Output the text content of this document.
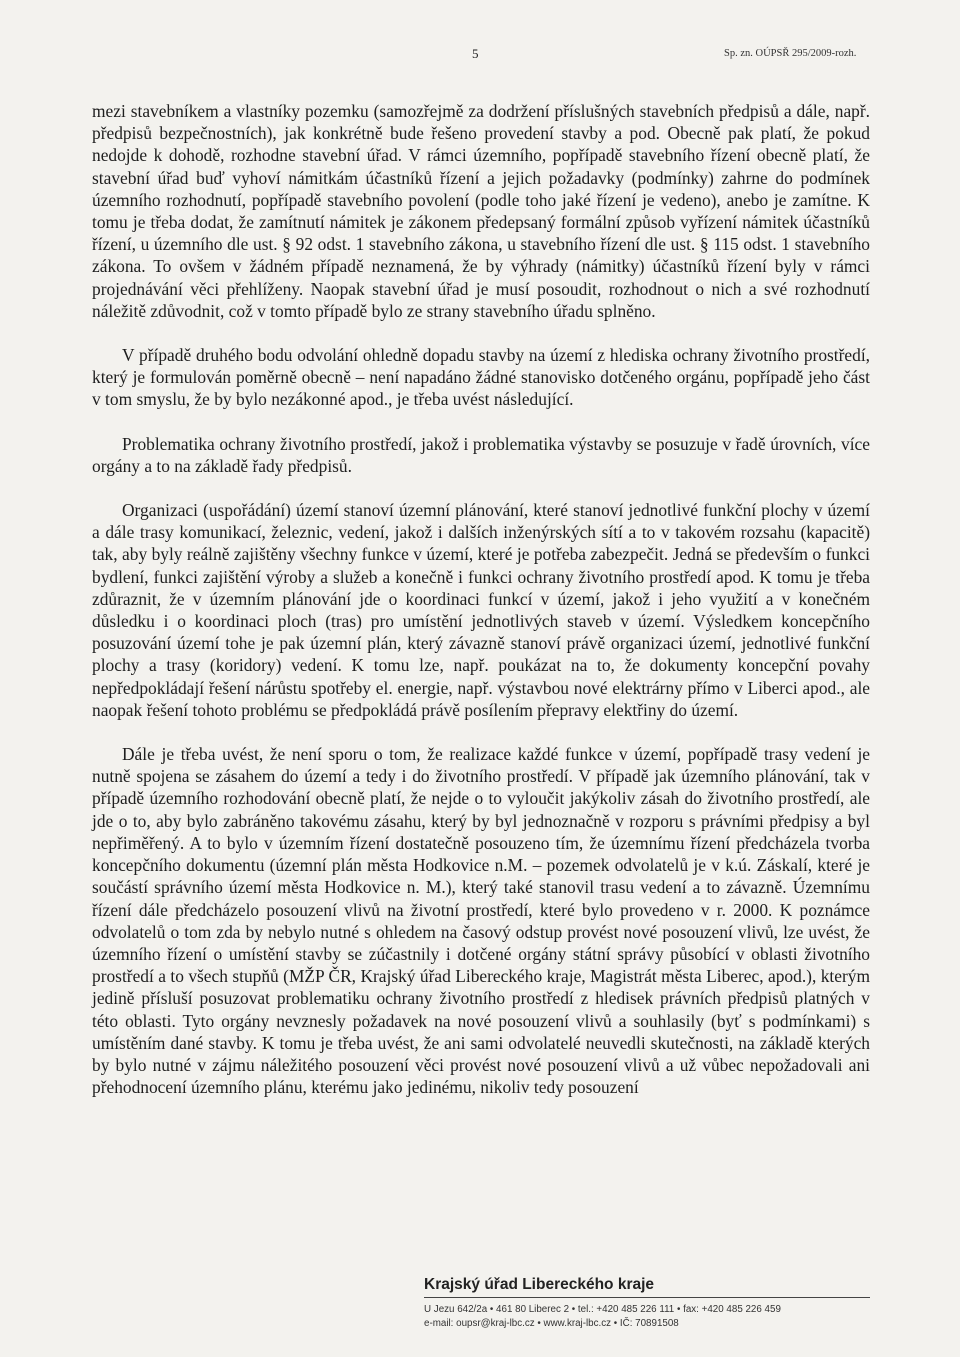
5	Sp. zn. OÚPSŘ 295/2009-rozh.

mezi stavebníkem a vlastníky pozemku (samozřejmě za dodržení příslušných stavebních předpisů a dále, např. předpisů bezpečnostních), jak konkrétně bude řešeno provedení stavby a pod. Obecně pak platí, že pokud nedojde k dohodě, rozhodne stavební úřad. V rámci územního, popřípadě stavebního řízení obecně platí, že stavební úřad buď vyhoví námitkám účastníků řízení a jejich požadavky (podmínky) zahrne do podmínek územního rozhodnutí, popřípadě stavebního povolení (podle toho jaké řízení je vedeno), anebo je zamítne. K tomu je třeba dodat, že zamítnutí námitek je zákonem předepsaný formální způsob vyřízení námitek účastníků řízení, u územního dle ust. § 92 odst. 1 stavebního zákona, u stavebního řízení dle ust. § 115 odst. 1 stavebního zákona. To ovšem v žádném případě neznamená, že by výhrady (námitky) účastníků řízení byly v rámci projednávání věci přehlíženy. Naopak stavební úřad je musí posoudit, rozhodnout o nich a své rozhodnutí náležitě zdůvodnit, což v tomto případě bylo ze strany stavebního úřadu splněno.

V případě druhého bodu odvolání ohledně dopadu stavby na území z hlediska ochrany životního prostředí, který je formulován poměrně obecně – není napadáno žádné stanovisko dotčeného orgánu, popřípadě jeho část v tom smyslu, že by bylo nezákonné apod., je třeba uvést následující.

Problematika ochrany životního prostředí, jakož i problematika výstavby se posuzuje v řadě úrovních, více orgány a to na základě řady předpisů.

Organizaci (uspořádání) území stanoví územní plánování, které stanoví jednotlivé funkční plochy v území a dále trasy komunikací, železnic, vedení, jakož i dalších inženýrských sítí a to v takovém rozsahu (kapacitě) tak, aby byly reálně zajištěny všechny funkce v území, které je potřeba zabezpečit. Jedná se především o funkci bydlení, funkci zajištění výroby a služeb a konečně i funkci ochrany životního prostředí apod. K tomu je třeba zdůraznit, že v územním plánování jde o koordinaci funkcí v území, jakož i jeho využití a v konečném důsledku i o koordinaci ploch (tras) pro umístění jednotlivých staveb v území. Výsledkem koncepčního posuzování území tohe je pak územní plán, který závazně stanoví právě organizaci území, jednotlivé funkční plochy a trasy (koridory) vedení. K tomu lze, např. poukázat na to, že dokumenty koncepční povahy nepředpokládají řešení nárůstu spotřeby el. energie, např. výstavbou nové elektrárny přímo v Liberci apod., ale naopak řešení tohoto problému se předpokládá právě posílením přepravy elektřiny do území.

Dále je třeba uvést, že není sporu o tom, že realizace každé funkce v území, popřípadě trasy vedení je nutně spojena se zásahem do území a tedy i do životního prostředí. V případě jak územního plánování, tak v případě územního rozhodování obecně platí, že nejde o to vyloučit jakýkoliv zásah do životního prostředí, ale jde o to, aby bylo zabráněno takovému zásahu, který by byl jednoznačně v rozporu s právními předpisy a byl nepřiměřený. A to bylo v územním řízení dostatečně posouzeno tím, že územnímu řízení předcházela tvorba koncepčního dokumentu (územní plán města Hodkovice n.M. – pozemek odvolatelů je v k.ú. Záskalí, které je součástí správního území města Hodkovice n. M.), který také stanovil trasu vedení a to závazně. Územnímu řízení dále předcházelo posouzení vlivů na životní prostředí, které bylo provedeno v r. 2000. K poznámce odvolatelů o tom zda by nebylo nutné s ohledem na časový odstup provést nové posouzení vlivů, lze uvést, že územního řízení o umístění stavby se zúčastnily i dotčené orgány státní správy působící v oblasti životního prostředí a to všech stupňů (MŽP ČR, Krajský úřad Libereckého kraje, Magistrát města Liberec, apod.), kterým jedině přísluší posuzovat problematiku ochrany životního prostředí z hledisek právních předpisů platných v této oblasti. Tyto orgány nevznesly požadavek na nové posouzení vlivů a souhlasily (byť s podmínkami) s umístěním dané stavby. K tomu je třeba uvést, že ani sami odvolatelé neuvedli skutečnosti, na základě kterých by bylo nutné v zájmu náležitého posouzení věci provést nové posouzení vlivů a už vůbec nepožadovali ani přehodnocení územního plánu, kterému jako jedinému, nikoliv tedy posouzení

Krajský úřad Libereckého kraje
U Jezu 642/2a • 461 80 Liberec 2 • tel.: +420 485 226 111 • fax: +420 485 226 459
e-mail: oupsr@kraj-lbc.cz • www.kraj-lbc.cz • IČ: 70891508
